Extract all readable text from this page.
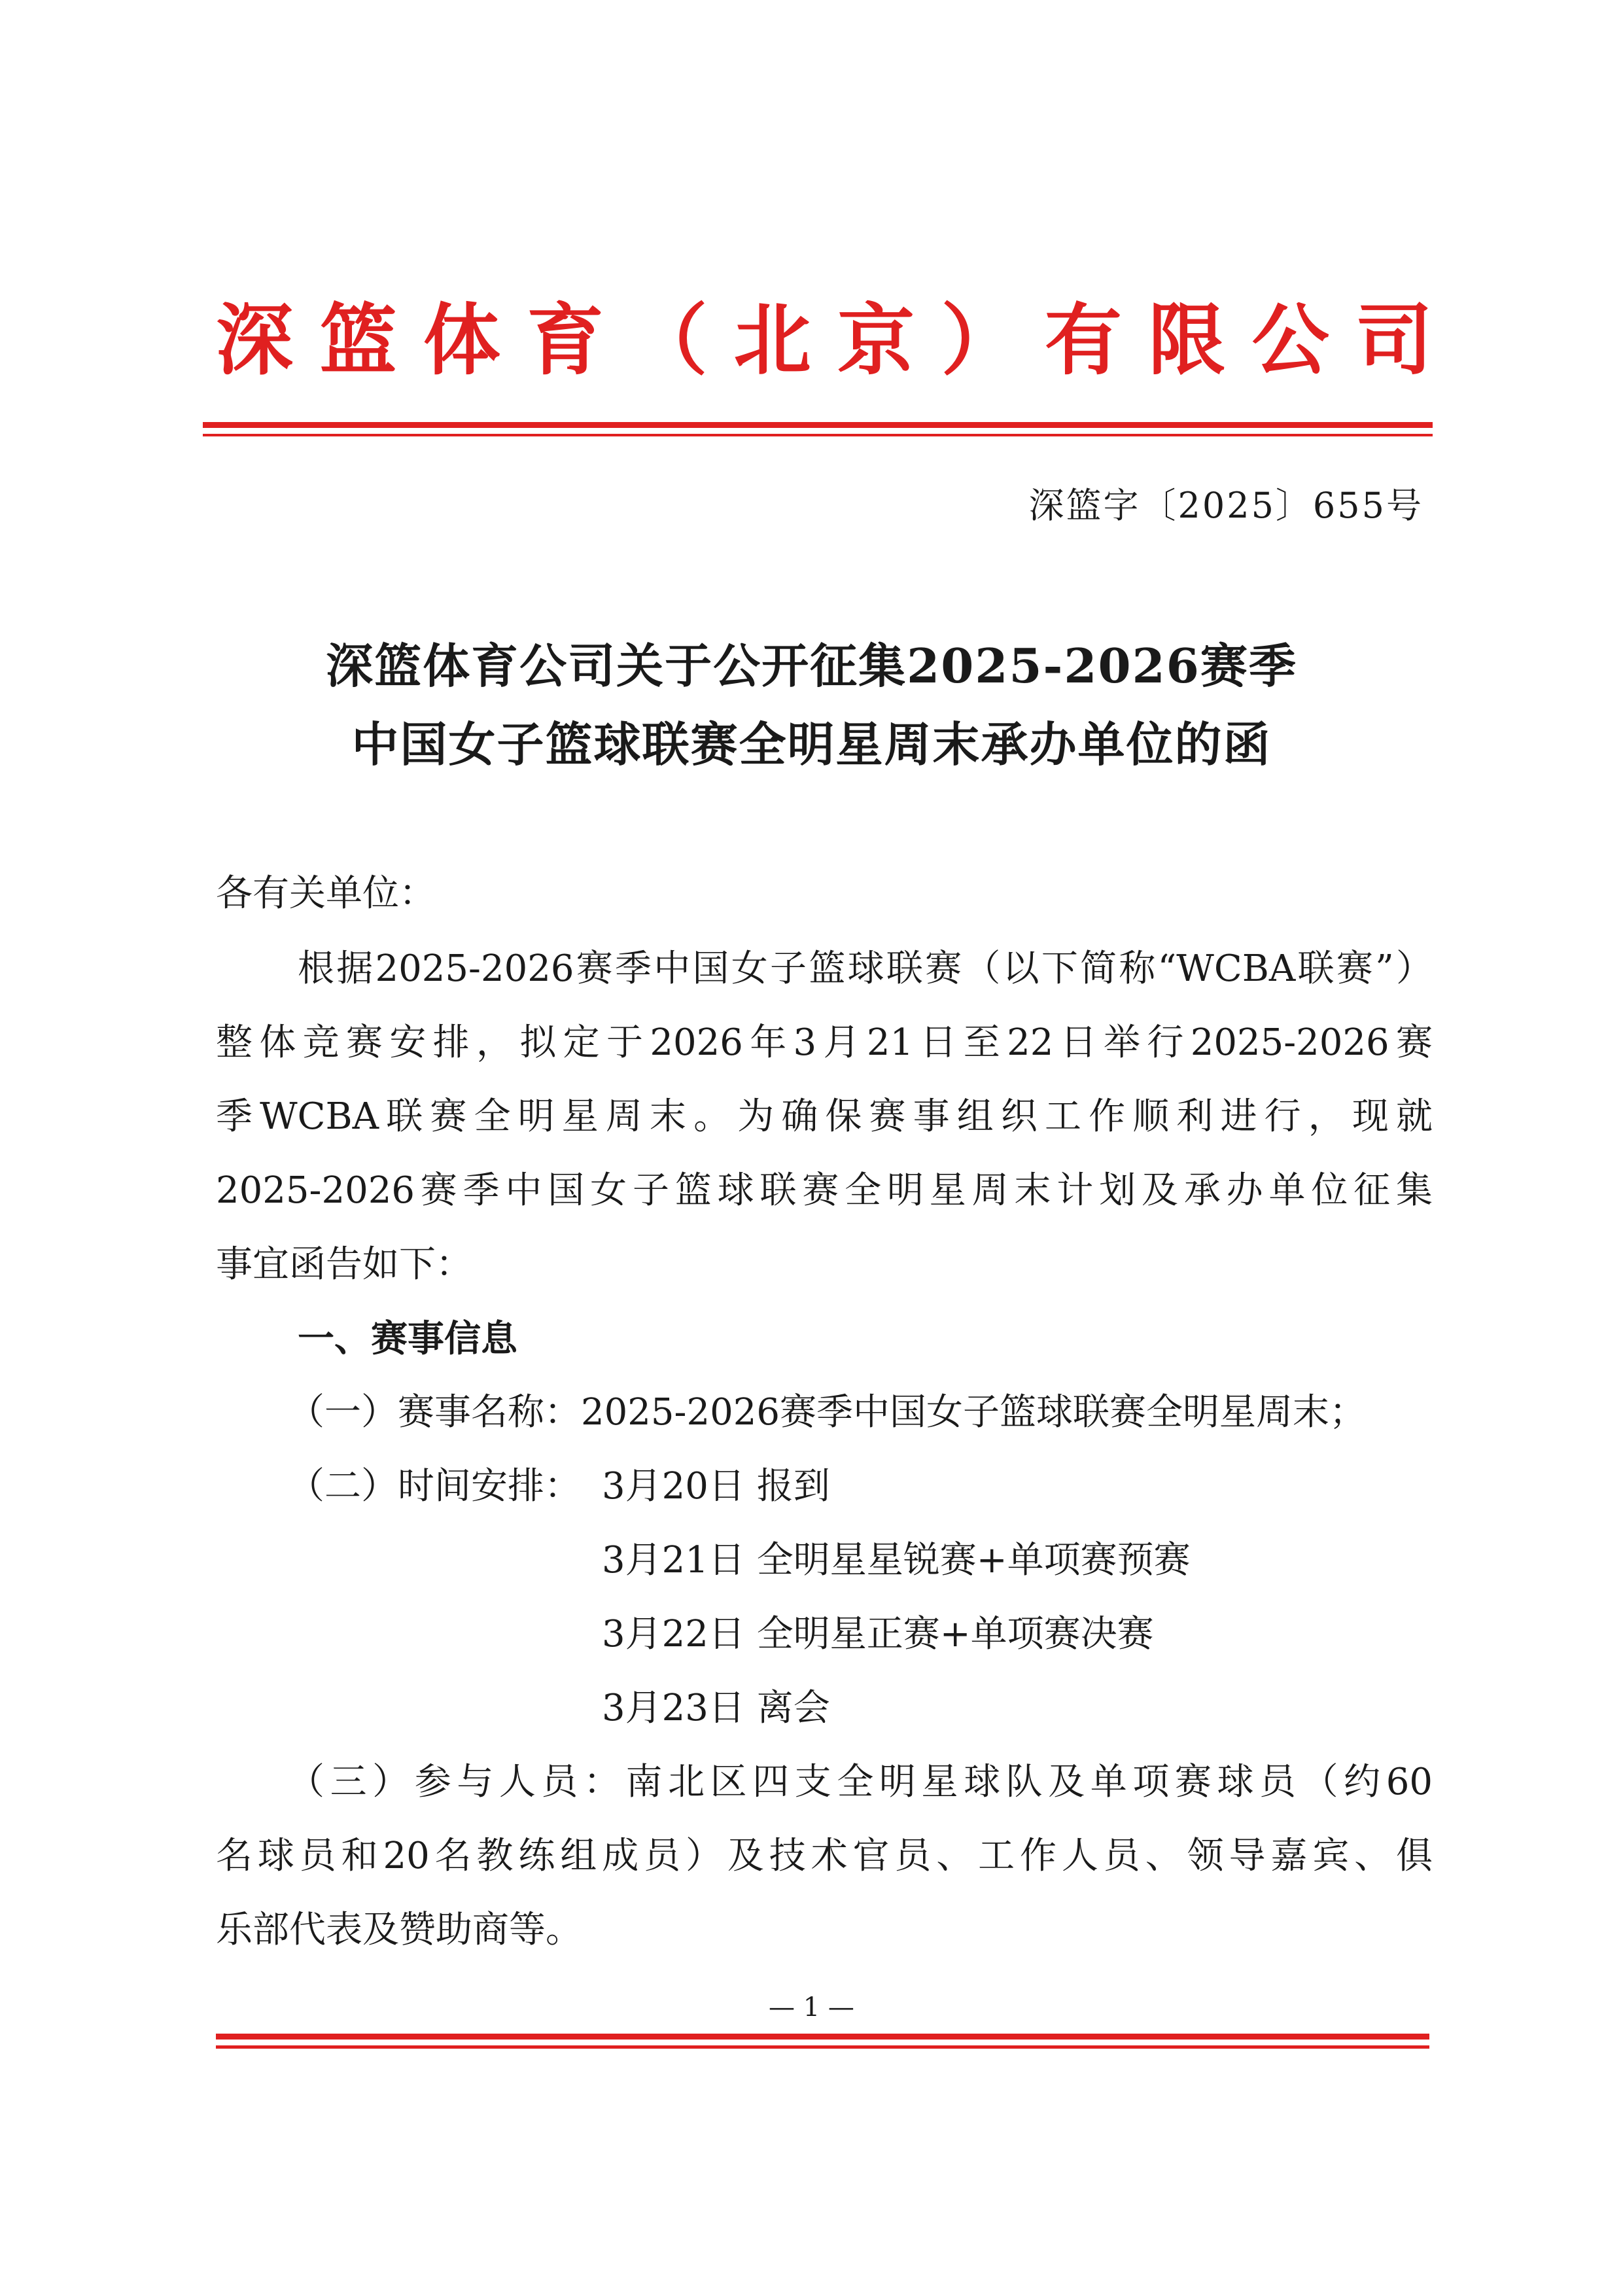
深 篮 体 育 （ 北 京 ） 有 限 公 司
深篮字〔2025〕655号
深篮体育公司关于公开征集2025-2026赛季
中国女子篮球联赛全明星周末承办单位的函
各有关单位：
根据2025-2026赛季中国女子篮球联赛（以下简称“WCBA联赛”）
整体竞赛安排，拟定于2026年3月21日至22日举行2025-2026赛
季WCBA联赛全明星周末。为确保赛事组织工作顺利进行，现就
2025-2026赛季中国女子篮球联赛全明星周末计划及承办单位征集
事宜函告如下：
一、赛事信息
（一）赛事名称：2025-2026赛季中国女子篮球联赛全明星周末；
（二）时间安排： 3月20日 报到
3月21日 全明星星锐赛+单项赛预赛
3月22日 全明星正赛+单项赛决赛
3月23日 离会
（三）参与人员：南北区四支全明星球队及单项赛球员（约60
名球员和20名教练组成员）及技术官员、工作人员、领导嘉宾、俱
乐部代表及赞助商等。
— 1 —
